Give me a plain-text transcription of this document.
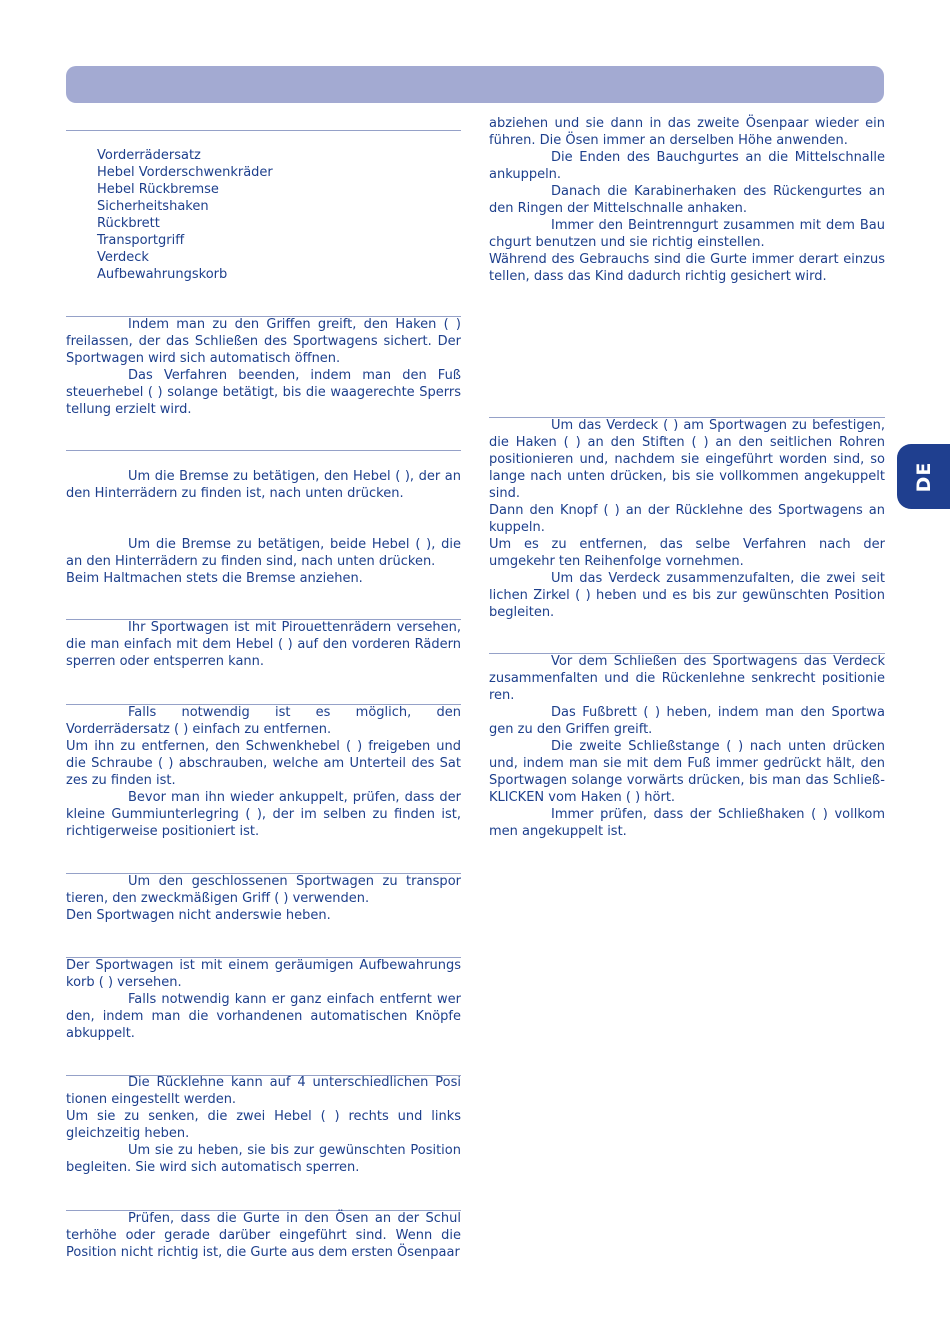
DE
Vorderrädersatz
Hebel Vorderschwenkräder
Hebel Rückbremse
Sicherheitshaken
Rückbrett
Transportgriff
Verdeck
Aufbewahrungskorb

Indem man zu den Griffen greift, den Haken ( ) freilassen, der das Schließen des Sportwagens sichert. Der Sportwagen wird sich automatisch öffnen.

Das Verfahren beenden, indem man den Fuß steuerhebel ( ) solange betätigt, bis die waagerechte Sperrs tellung erzielt wird.

Um die Bremse zu betätigen, den Hebel ( ), der an den Hinterrädern zu finden ist, nach unten drücken.

Um die Bremse zu betätigen, beide Hebel ( ), die an den Hinterrädern zu finden sind, nach unten drücken.

Beim Haltmachen stets die Bremse anziehen.

Ihr Sportwagen ist mit Pirouettenrädern versehen, die man einfach mit dem Hebel ( ) auf den vorderen Rädern sperren oder entsperren kann.

Falls notwendig ist es möglich, den Vorderrädersatz ( ) einfach zu entfernen.

Um ihn zu entfernen, den Schwenkhebel ( ) freigeben und die Schraube ( ) abschrauben, welche am Unterteil des Sat zes zu finden ist.

Bevor man ihn wieder ankuppelt, prüfen, dass der kleine Gummiunterlegring ( ), der im selben zu finden ist, richtigerweise positioniert ist.

Um den geschlossenen Sportwagen zu transpor tieren, den zweckmäßigen Griff ( ) verwenden.

Den Sportwagen nicht anderswie heben.

Der Sportwagen ist mit einem geräumigen Aufbewahrungs korb ( ) versehen.

Falls notwendig kann er ganz einfach entfernt wer den, indem man die vorhandenen automatischen Knöpfe abkuppelt.

Die Rücklehne kann auf 4 unterschiedlichen Posi tionen eingestellt werden.

Um sie zu senken, die zwei Hebel ( ) rechts und links gleichzeitig heben.

Um sie zu heben, sie bis zur gewünschten Position begleiten. Sie wird sich automatisch sperren.

Prüfen, dass die Gurte in den Ösen an der Schul terhöhe oder gerade darüber eingeführt sind. Wenn die Position nicht richtig ist, die Gurte aus dem ersten Ösenpaar

abziehen und sie dann in das zweite Ösenpaar wieder ein führen. Die Ösen immer an derselben Höhe anwenden.

Die Enden des Bauchgurtes an die Mittelschnalle ankuppeln.

Danach die Karabinerhaken des Rückengurtes an den Ringen der Mittelschnalle anhaken.

Immer den Beintrenngurt zusammen mit dem Bau chgurt benutzen und sie richtig einstellen.

Während des Gebrauchs sind die Gurte immer derart einzus tellen, dass das Kind dadurch richtig gesichert wird.

Um das Verdeck ( ) am Sportwagen zu befestigen, die Haken ( ) an den Stiften ( ) an den seitlichen Rohren positionieren und, nachdem sie eingeführt worden sind, so lange nach unten drücken, bis sie vollkommen angekuppelt sind.

Dann den Knopf ( ) an der Rücklehne des Sportwagens an kuppeln.

Um es zu entfernen, das selbe Verfahren nach der umgekehr ten Reihenfolge vornehmen.

Um das Verdeck zusammenzufalten, die zwei seit lichen Zirkel ( ) heben und es bis zur gewünschten Position begleiten.

Vor dem Schließen des Sportwagens das Verdeck zusammenfalten und die Rückenlehne senkrecht positionie ren.

Das Fußbrett ( ) heben, indem man den Sportwa gen zu den Griffen greift.

Die zweite Schließstange ( ) nach unten drücken und, indem man sie mit dem Fuß immer gedrückt hält, den Sportwagen solange vorwärts drücken, bis man das Schließ-KLICKEN vom Haken ( ) hört.

Immer prüfen, dass der Schließhaken ( ) vollkom men angekuppelt ist.
